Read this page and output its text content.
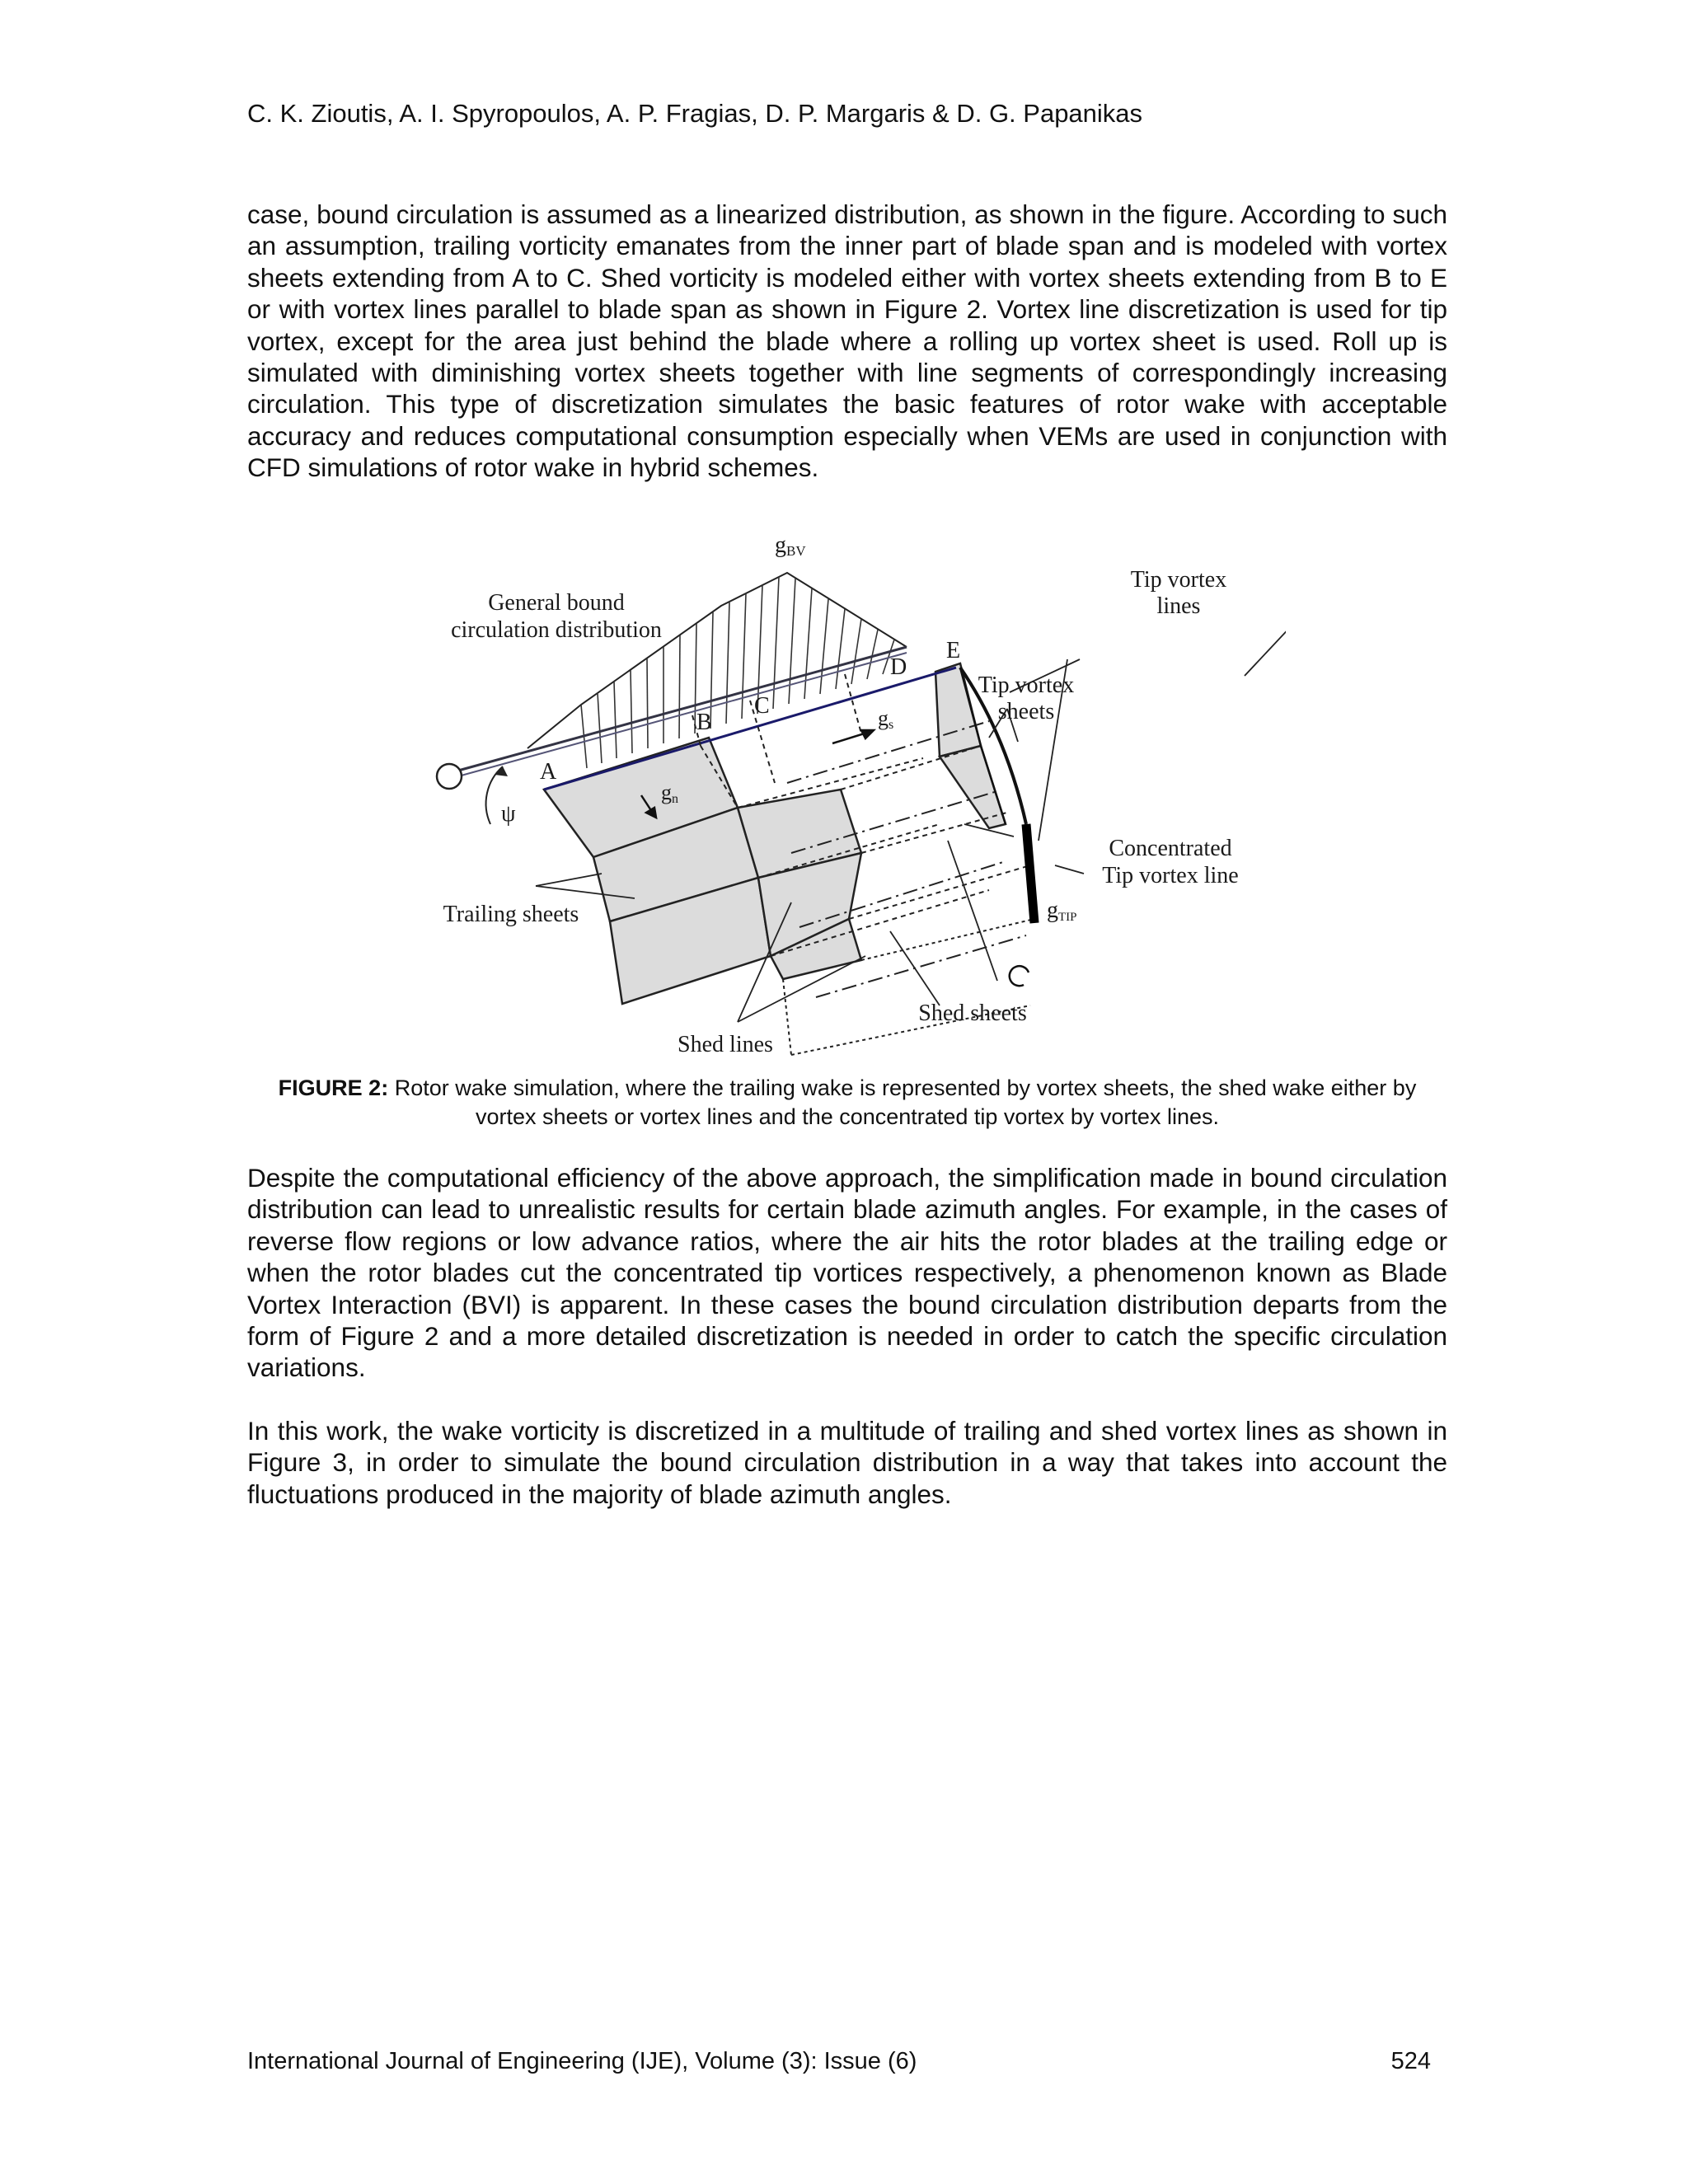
C. K. Zioutis, A. I. Spyropoulos, A. P. Fragias, D. P. Margaris & D. G. Papanikas
case, bound circulation is assumed as a linearized distribution, as shown in the figure. According to such an assumption, trailing vorticity emanates from the inner part of blade span and is modeled with vortex sheets extending from A to C. Shed vorticity is modeled either with vortex sheets extending from B to E or with vortex lines parallel to blade span as shown in Figure 2. Vortex line discretization is used for tip vortex, except for the area just behind the blade where a rolling up vortex sheet is used. Roll up is simulated with diminishing vortex sheets together with line segments of correspondingly increasing circulation. This type of discretization simulates the basic features of rotor wake with acceptable accuracy and reduces computational consumption especially when VEMs are used in conjunction with CFD simulations of rotor wake in hybrid schemes.
gBV
General bound
circulation distribution
Tip vortex
lines
Tip vortex
sheets
A
B
C
D
E
gs
gn
ψ
Concentrated
Tip vortex line
gTIP
Trailing sheets
Shed sheets
Shed lines
FIGURE 2: Rotor wake simulation, where the trailing wake is represented by vortex sheets, the shed wake either by vortex sheets or vortex lines and the concentrated tip vortex by vortex lines.
Despite the computational efficiency of the above approach, the simplification made in bound circulation distribution can lead to unrealistic results for certain blade azimuth angles. For example, in the cases of reverse flow regions or low advance ratios, where the air hits the rotor blades at the trailing edge or when the rotor blades cut the concentrated tip vortices respectively, a phenomenon known as Blade Vortex Interaction (BVI) is apparent. In these cases the bound circulation distribution departs from the form of Figure 2 and a more detailed discretization is needed in order to catch the specific circulation variations.
In this work, the wake vorticity is discretized in a multitude of trailing and shed vortex lines as shown in Figure 3, in order to simulate the bound circulation distribution in a way that takes into account the fluctuations produced in the majority of blade azimuth angles.
International Journal of Engineering (IJE), Volume (3): Issue (6)	524
